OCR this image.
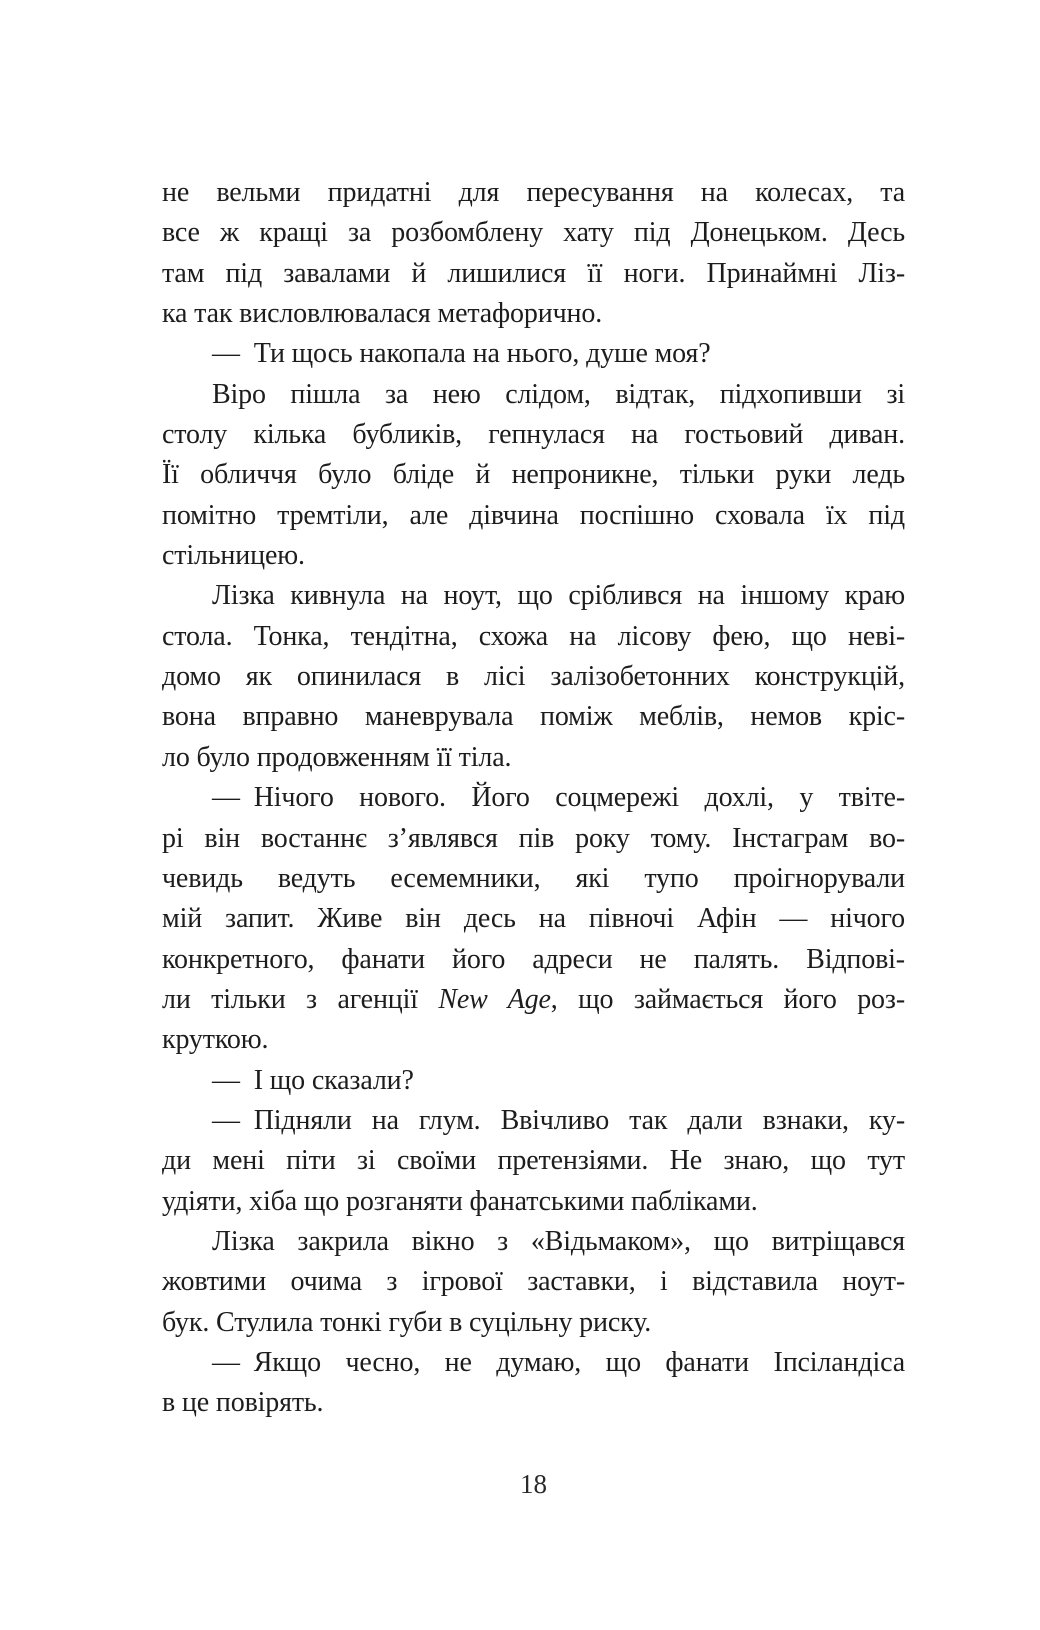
не вельми придатні для пересування на колесах, та
все ж кращі за розбомблену хату під Донецьком. Десь
там під завалами й лишилися її ноги. Принаймні Ліз-
ка так висловлювалася метафорично.
— Ти щось накопала на нього, душе моя?
Віро пішла за нею слідом, відтак, підхопивши зі
столу кілька бубликів, гепнулася на гостьовий диван.
Її обличчя було бліде й непроникне, тільки руки ледь
помітно тремтіли, але дівчина поспішно сховала їх під
стільницею.
Лізка кивнула на ноут, що сріблився на іншому краю
стола. Тонка, тендітна, схожа на лісову фею, що неві-
домо як опинилася в лісі залізобетонних конструкцій,
вона вправно маневрувала поміж меблів, немов кріс-
ло було продовженням її тіла.
— Нічого нового. Його соцмережі дохлі, у твіте-
рі він востаннє з’являвся пів року тому. Інстаграм во-
чевидь ведуть есемемники, які тупо проігнорували
мій запит. Живе він десь на півночі Афін — нічого
конкретного, фанати його адреси не палять. Відпові-
ли тільки з агенції New Age, що займається його роз-
круткою.
— І що сказали?
— Підняли на глум. Ввічливо так дали взнаки, ку-
ди мені піти зі своїми претензіями. Не знаю, що тут
удіяти, хіба що розганяти фанатськими пабліками.
Лізка закрила вікно з «Відьмаком», що витріщався
жовтими очима з ігрової заставки, і відставила ноут-
бук. Стулила тонкі губи в суцільну риску.
— Якщо чесно, не думаю, що фанати Іпсіландіса
в це повірять.
18
